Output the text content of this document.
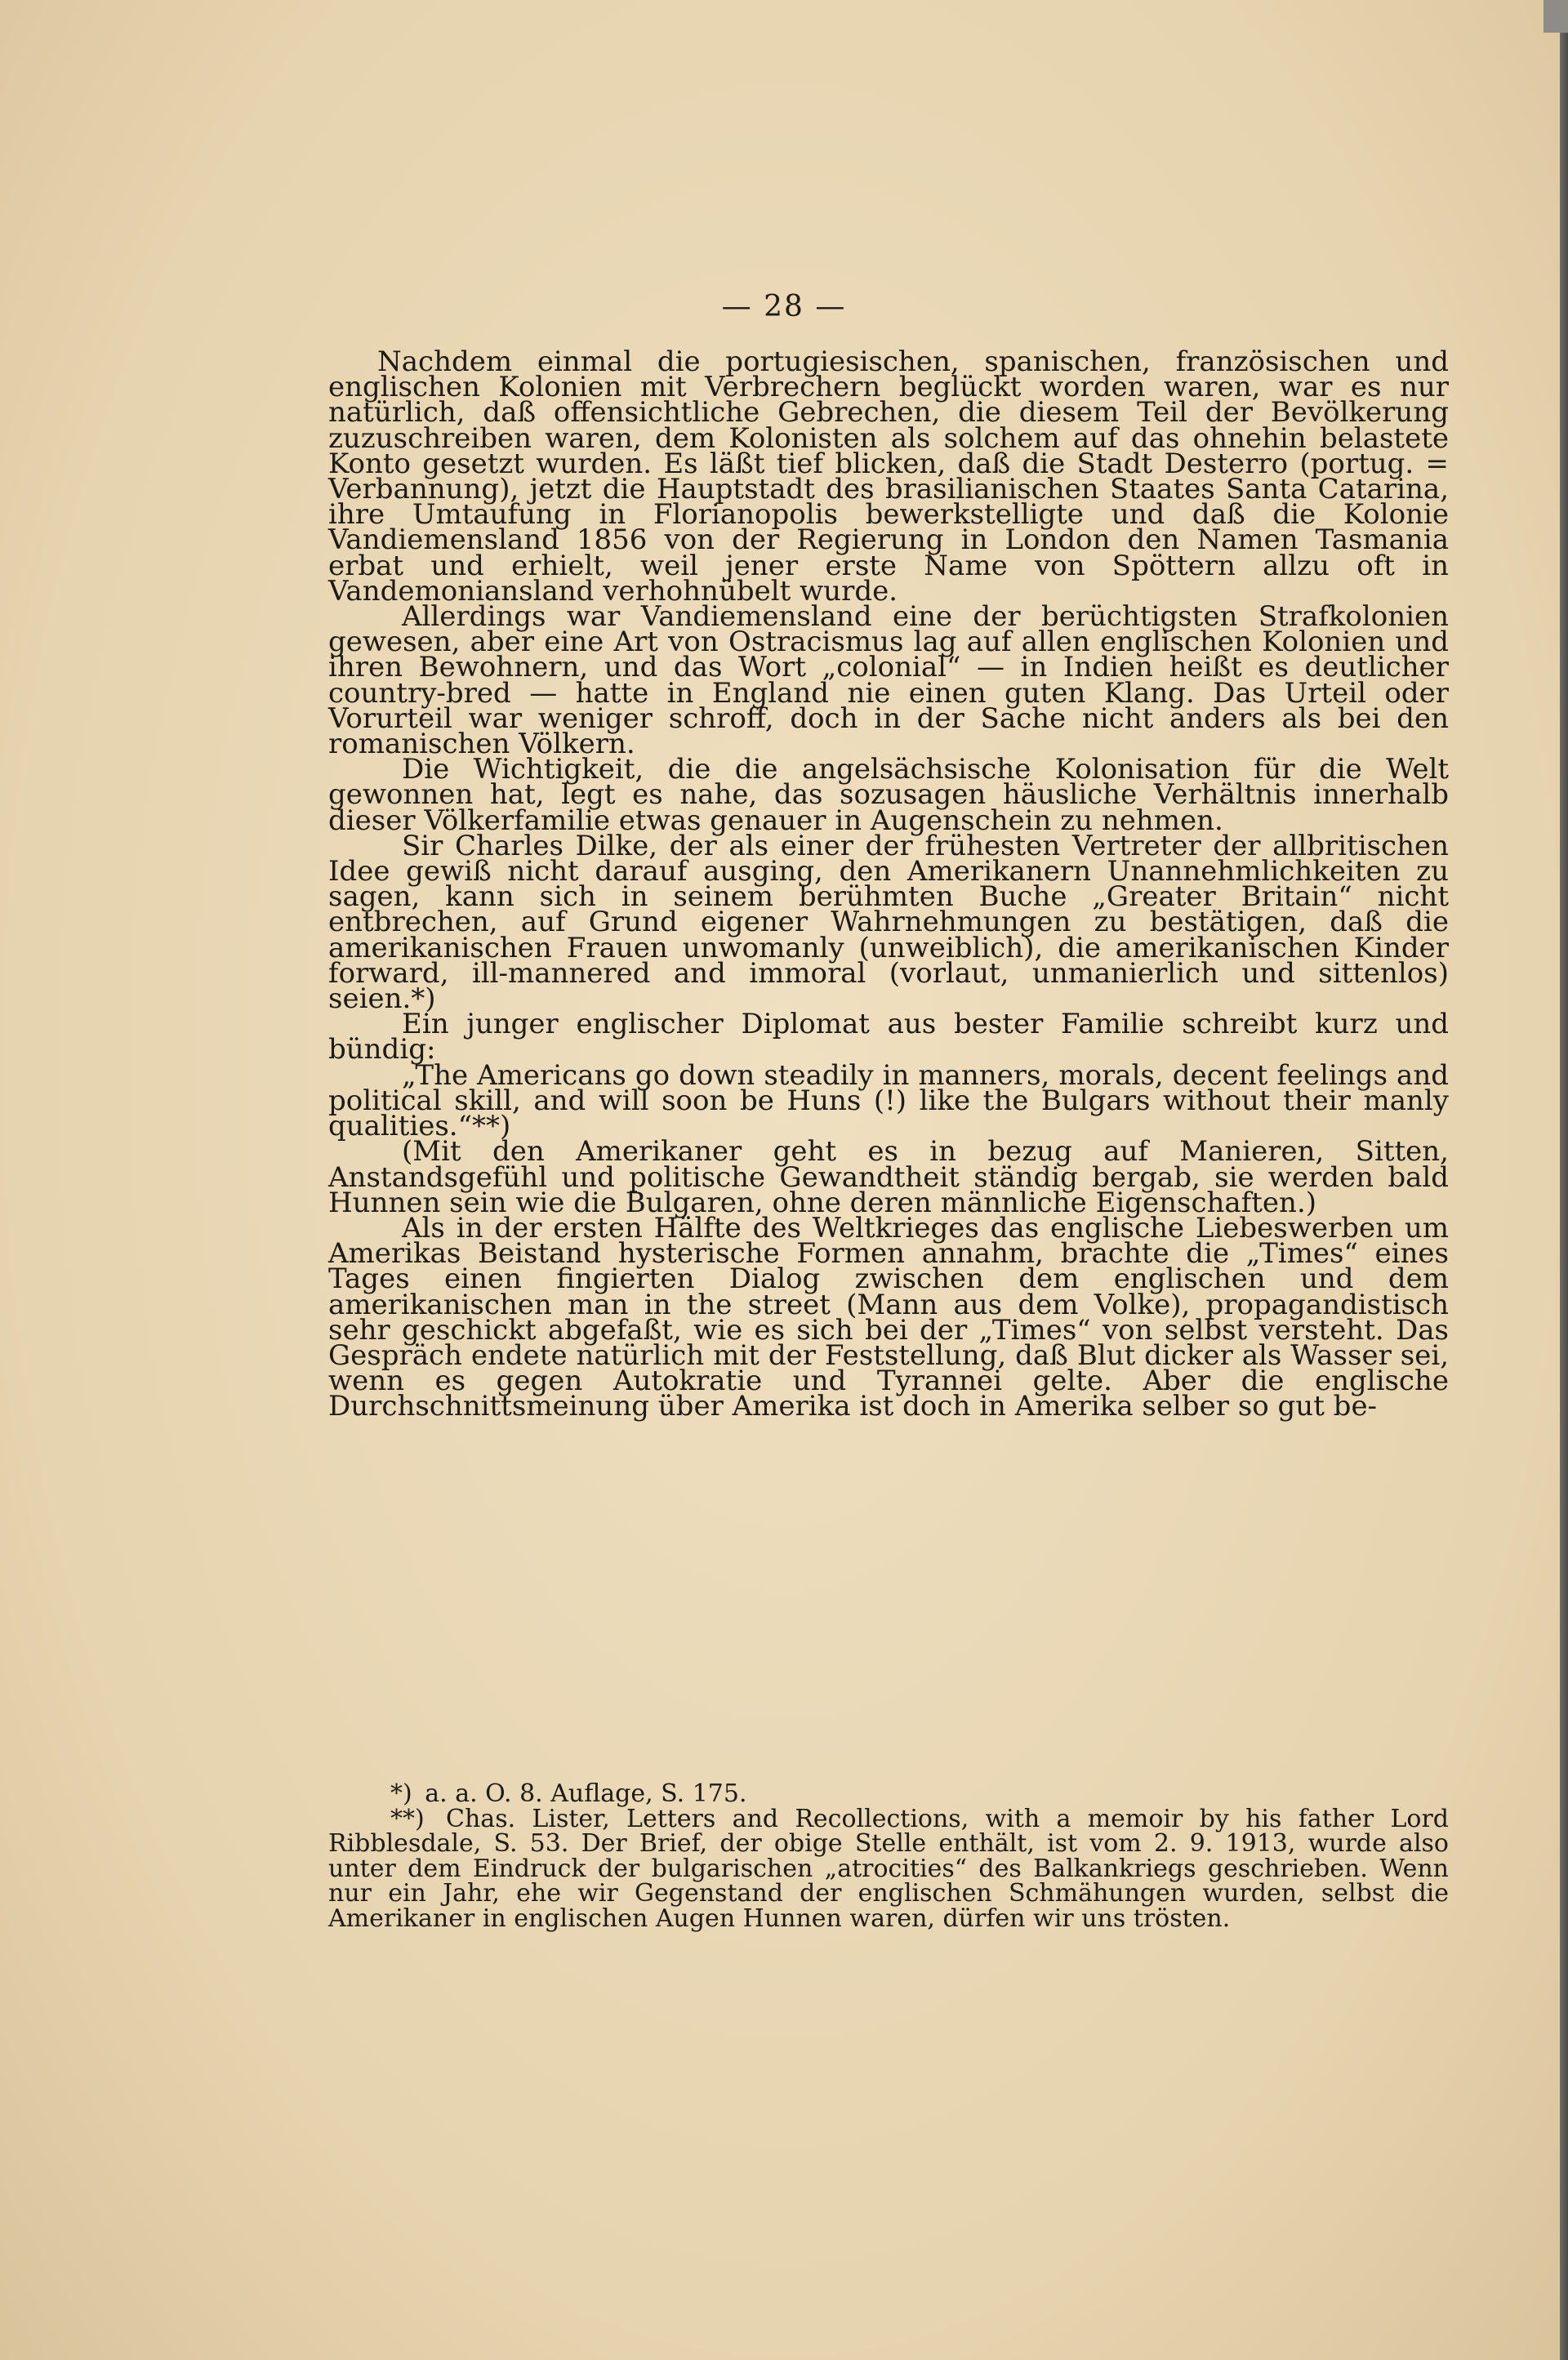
— 28 —

Nachdem einmal die portugiesischen, spanischen, französischen und englischen Kolonien mit Verbrechern beglückt worden waren, war es nur natürlich, daß offensichtliche Gebrechen, die diesem Teil der Bevölkerung zuzuschreiben waren, dem Kolonisten als solchem auf das ohnehin belastete Konto gesetzt wurden. Es läßt tief blicken, daß die Stadt Desterro (portug. = Verbannung), jetzt die Hauptstadt des brasilianischen Staates Santa Catarina, ihre Umtaufung in Florianopolis bewerkstelligte und daß die Kolonie Vandiemensland 1856 von der Regierung in London den Namen Tasmania erbat und erhielt, weil jener erste Name von Spöttern allzu oft in Vandemoniansland verhohnübelt wurde.

Allerdings war Vandiemensland eine der berüchtigsten Strafkolonien gewesen, aber eine Art von Ostracismus lag auf allen englischen Kolonien und ihren Bewohnern, und das Wort „colonial“ — in Indien heißt es deutlicher country-bred — hatte in England nie einen guten Klang. Das Urteil oder Vorurteil war weniger schroff, doch in der Sache nicht anders als bei den romanischen Völkern.

Die Wichtigkeit, die die angelsächsische Kolonisation für die Welt gewonnen hat, legt es nahe, das sozusagen häusliche Verhältnis innerhalb dieser Völkerfamilie etwas genauer in Augenschein zu nehmen.

Sir Charles Dilke, der als einer der frühesten Vertreter der allbritischen Idee gewiß nicht darauf ausging, den Amerikanern Unannehmlichkeiten zu sagen, kann sich in seinem berühmten Buche „Greater Britain“ nicht entbrechen, auf Grund eigener Wahrnehmungen zu bestätigen, daß die amerikanischen Frauen unwomanly (unweiblich), die amerikanischen Kinder forward, ill-mannered and immoral (vorlaut, unmanierlich und sittenlos) seien.*)

Ein junger englischer Diplomat aus bester Familie schreibt kurz und bündig:

„The Americans go down steadily in manners, morals, decent feelings and political skill, and will soon be Huns (!) like the Bulgars without their manly qualities.“**)

(Mit den Amerikaner geht es in bezug auf Manieren, Sitten, Anstandsgefühl und politische Gewandtheit ständig bergab, sie werden bald Hunnen sein wie die Bulgaren, ohne deren männliche Eigenschaften.)

Als in der ersten Hälfte des Weltkrieges das englische Liebeswerben um Amerikas Beistand hysterische Formen annahm, brachte die „Times“ eines Tages einen fingierten Dialog zwischen dem englischen und dem amerikanischen man in the street (Mann aus dem Volke), propagandistisch sehr geschickt abgefaßt, wie es sich bei der „Times“ von selbst versteht. Das Gespräch endete natürlich mit der Feststellung, daß Blut dicker als Wasser sei, wenn es gegen Autokratie und Tyrannei gelte. Aber die englische Durchschnittsmeinung über Amerika ist doch in Amerika selber so gut be-

*) a. a. O. 8. Auflage, S. 175.

**) Chas. Lister, Letters and Recollections, with a memoir by his father Lord Ribblesdale, S. 53. Der Brief, der obige Stelle enthält, ist vom 2. 9. 1913, wurde also unter dem Eindruck der bulgarischen „atrocities“ des Balkankriegs geschrieben. Wenn nur ein Jahr, ehe wir Gegenstand der englischen Schmähungen wurden, selbst die Amerikaner in englischen Augen Hunnen waren, dürfen wir uns trösten.
